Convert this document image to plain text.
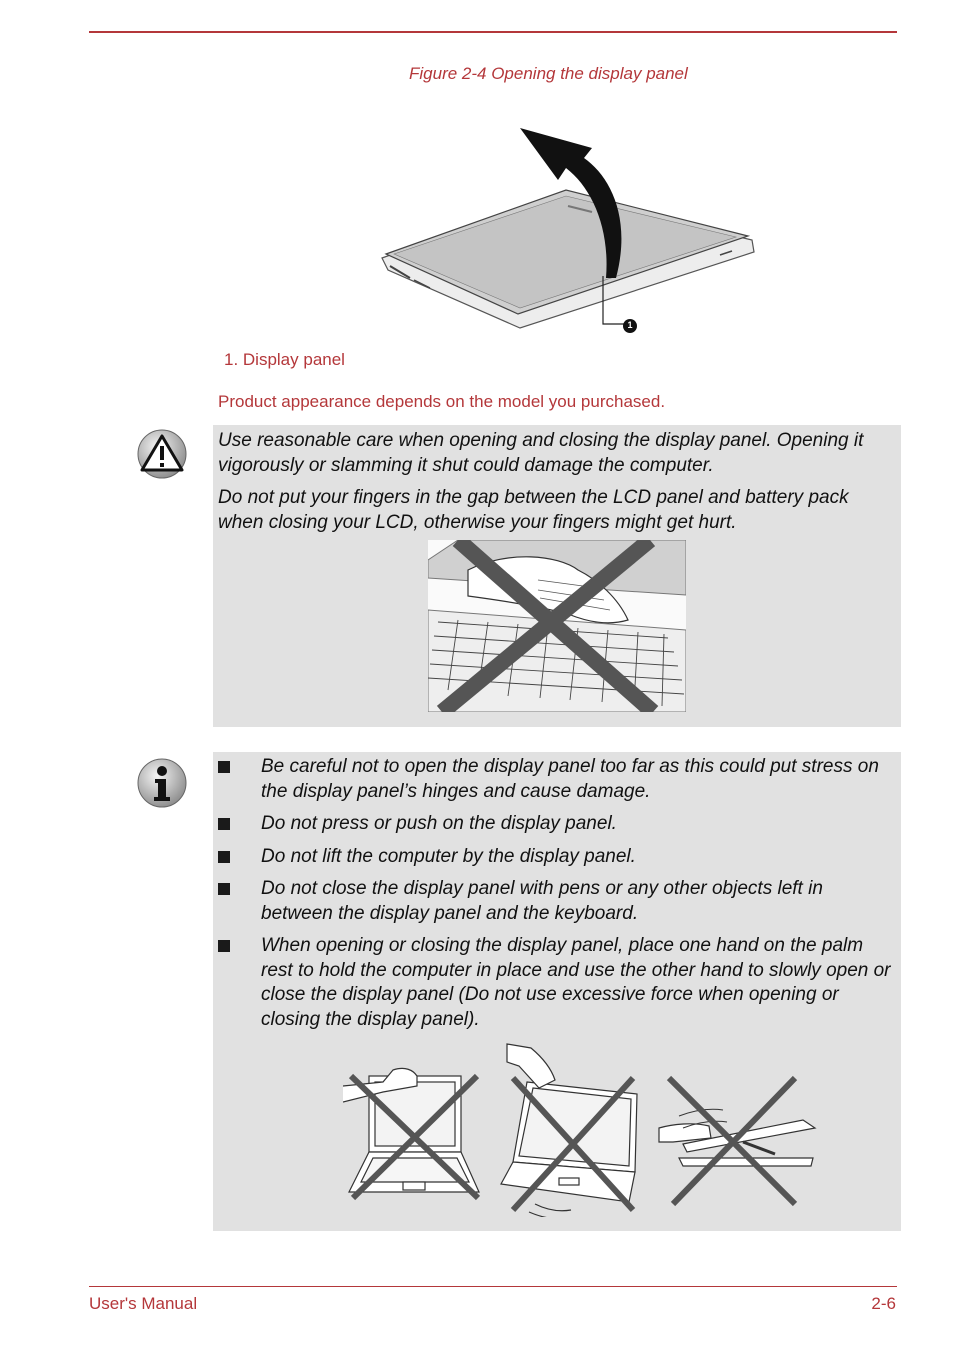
Figure 2-4 Opening the display panel
1
1. Display panel
Product appearance depends on the model you purchased.

Use reasonable care when opening and closing the display panel. Opening it vigorously or slamming it shut could damage the computer.

Do not put your fingers in the gap between the LCD panel and battery pack when closing your LCD, otherwise your fingers might get hurt.

Be careful not to open the display panel too far as this could put stress on the display panel’s hinges and cause damage.
Do not press or push on the display panel.
Do not lift the computer by the display panel.
Do not close the display panel with pens or any other objects left in between the display panel and the keyboard.
When opening or closing the display panel, place one hand on the palm rest to hold the computer in place and use the other hand to slowly open or close the display panel (Do not use excessive force when opening or closing the display panel).
User's Manual	2-6
